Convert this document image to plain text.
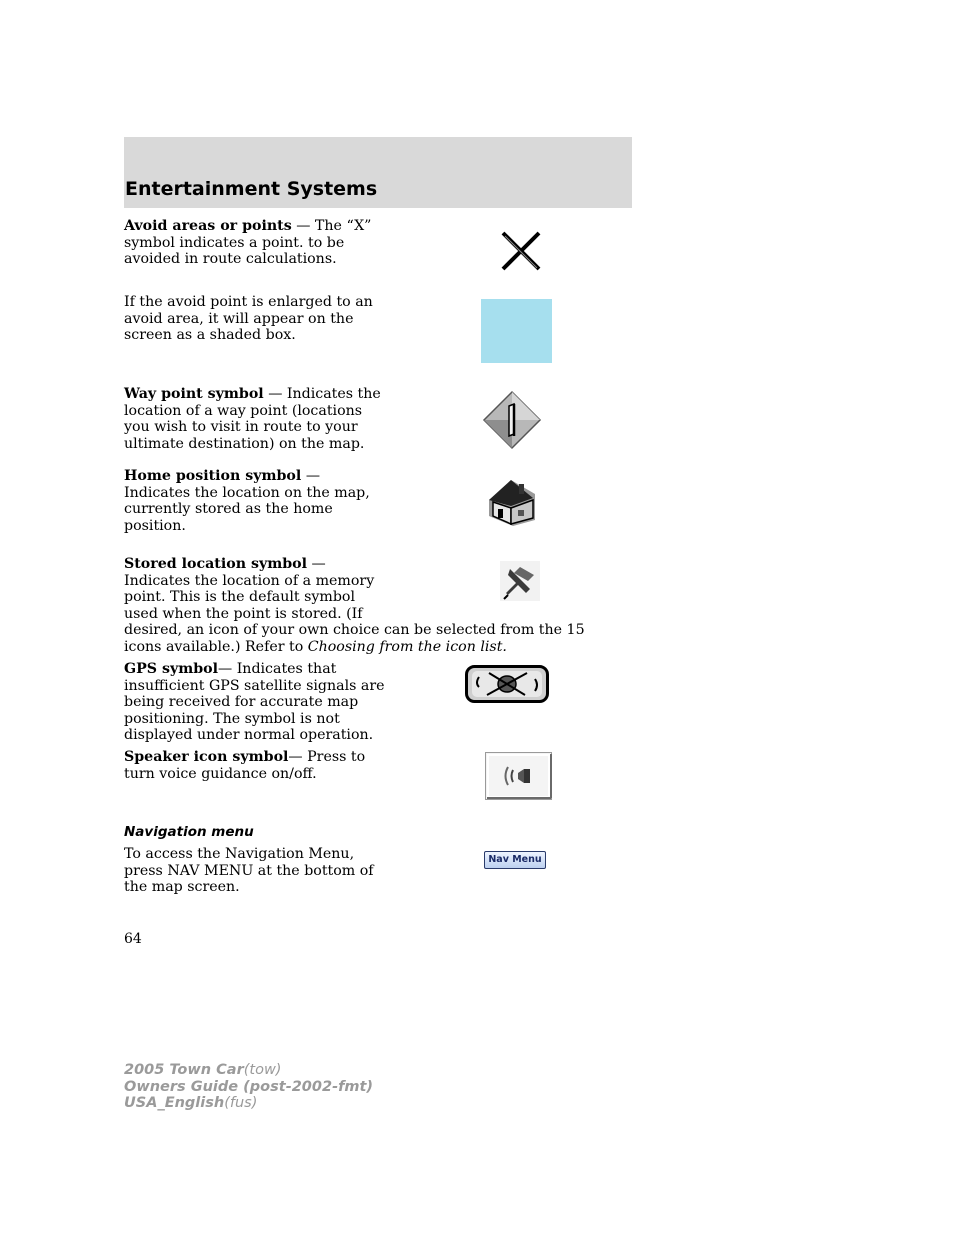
Entertainment Systems

Avoid areas or points — The “X” symbol indicates a point. to be avoided in route calculations.

If the avoid point is enlarged to an avoid area, it will appear on the screen as a shaded box.

Way point symbol — Indicates the location of a way point (locations you wish to visit in route to your ultimate destination) on the map.

Home position symbol — Indicates the location on the map, currently stored as the home position.

Stored location symbol — Indicates the location of a memory point. This is the default symbol used when the point is stored. (If

desired, an icon of your own choice can be selected from the 15 icons available.) Refer to Choosing from the icon list.

GPS symbol— Indicates that insufficient GPS satellite signals are being received for accurate map positioning. The symbol is not displayed under normal operation.

Speaker icon symbol— Press to turn voice guidance on/off.

Navigation menu

To access the Navigation Menu, press NAV MENU at the bottom of the map screen.

Nav Menu
64
2005 Town Car(tow)
Owners Guide (post-2002-fmt)
USA_English(fus)
